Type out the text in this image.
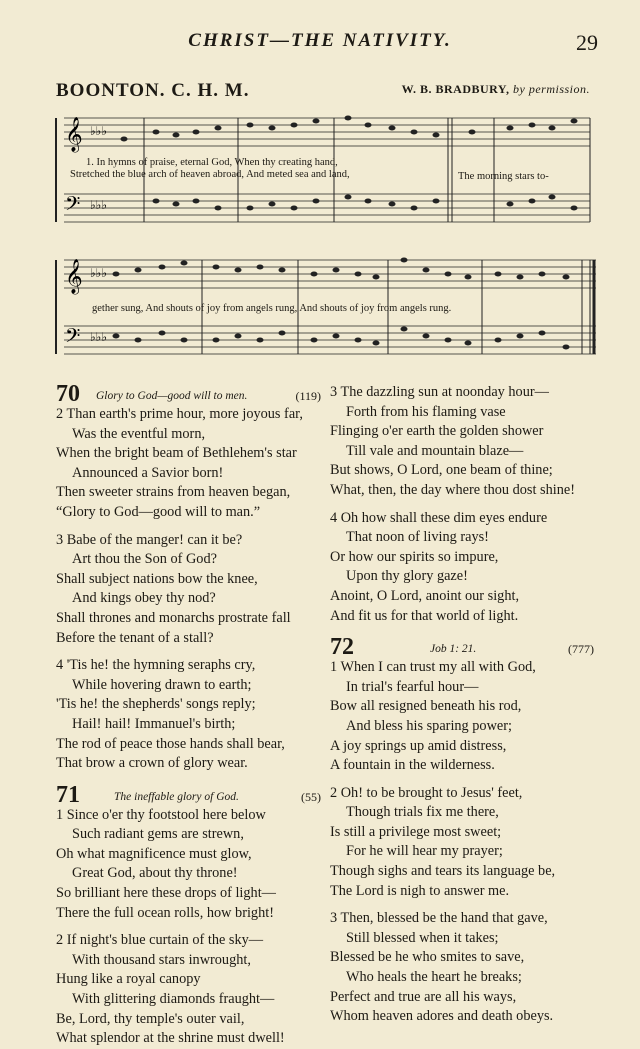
CHRIST—THE NATIVITY.	29
BOONTON. C. H. M.	W. B. BRADBURY, by permission.
𝄞
𝄢
♭♭♭
♭♭♭
1. In hymns of praise, eternal God, When thy creating hand,
Stretched the blue arch of heaven abroad, And meted sea and land,	The morning stars to-
𝄞
𝄢
♭♭♭
♭♭♭
gether sung, And shouts of joy from angels rung, And shouts of joy from angels rung.
70 Glory to God—good will to men.	(119)
2 Than earth's prime hour, more joyous far,
Was the eventful morn,
When the bright beam of Bethlehem's star
Announced a Savior born!
Then sweeter strains from heaven began,
“Glory to God—good will to man.”
3 Babe of the manger! can it be?
Art thou the Son of God?
Shall subject nations bow the knee,
And kings obey thy nod?
Shall thrones and monarchs prostrate fall
Before the tenant of a stall?
4 'Tis he! the hymning seraphs cry,
While hovering drawn to earth;
'Tis he! the shepherds' songs reply;
Hail! hail! Immanuel's birth;
The rod of peace those hands shall bear,
That brow a crown of glory wear.
71	The ineffable glory of God.	(55)
1 Since o'er thy footstool here below
Such radiant gems are strewn,
Oh what magnificence must glow,
Great God, about thy throne!
So brilliant here these drops of light—
There the full ocean rolls, how bright!
2 If night's blue curtain of the sky—
With thousand stars inwrought,
Hung like a royal canopy
With glittering diamonds fraught—
Be, Lord, thy temple's outer vail,
What splendor at the shrine must dwell!
3 The dazzling sun at noonday hour—
Forth from his flaming vase
Flinging o'er earth the golden shower
Till vale and mountain blaze—
But shows, O Lord, one beam of thine;
What, then, the day where thou dost shine!
4 Oh how shall these dim eyes endure
That noon of living rays!
Or how our spirits so impure,
Upon thy glory gaze!
Anoint, O Lord, anoint our sight,
And fit us for that world of light.
72	Job 1: 21.	(777)
1 When I can trust my all with God,
In trial's fearful hour—
Bow all resigned beneath his rod,
And bless his sparing power;
A joy springs up amid distress,
A fountain in the wilderness.
2 Oh! to be brought to Jesus' feet,
Though trials fix me there,
Is still a privilege most sweet;
For he will hear my prayer;
Though sighs and tears its language be,
The Lord is nigh to answer me.
3 Then, blessed be the hand that gave,
Still blessed when it takes;
Blessed be he who smites to save,
Who heals the heart he breaks;
Perfect and true are all his ways,
Whom heaven adores and death obeys.
